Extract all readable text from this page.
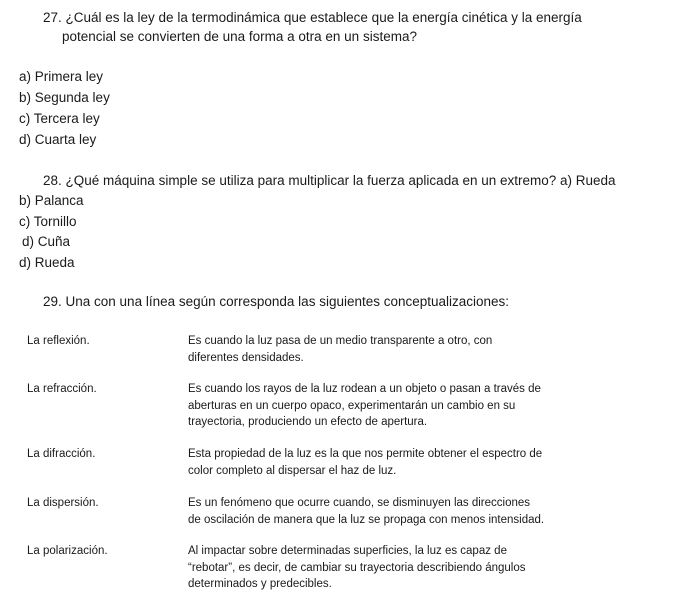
27. ¿Cuál es la ley de la termodinámica que establece que la energía cinética y la energía
potencial se convierten de una forma a otra en un sistema?
a) Primera ley
b) Segunda ley
c) Tercera ley
d) Cuarta ley
28. ¿Qué máquina simple se utiliza para multiplicar la fuerza aplicada en un extremo? a) Rueda
b) Palanca
c) Tornillo
d) Cuña
d) Rueda
29. Una con una línea según corresponda las siguientes conceptualizaciones:
La reflexión.
La refracción.
La difracción.
La dispersión.
La polarización.
Es cuando la luz pasa de un medio transparente a otro, con
diferentes densidades.
Es cuando los rayos de la luz rodean a un objeto o pasan a través de
aberturas en un cuerpo opaco, experimentarán un cambio en su
trayectoria, produciendo un efecto de apertura.
Esta propiedad de la luz es la que nos permite obtener el espectro de
color completo al dispersar el haz de luz.
Es un fenómeno que ocurre cuando, se disminuyen las direcciones
de oscilación de manera que la luz se propaga con menos intensidad.
Al impactar sobre determinadas superficies, la luz es capaz de
“rebotar”, es decir, de cambiar su trayectoria describiendo ángulos
determinados y predecibles.
